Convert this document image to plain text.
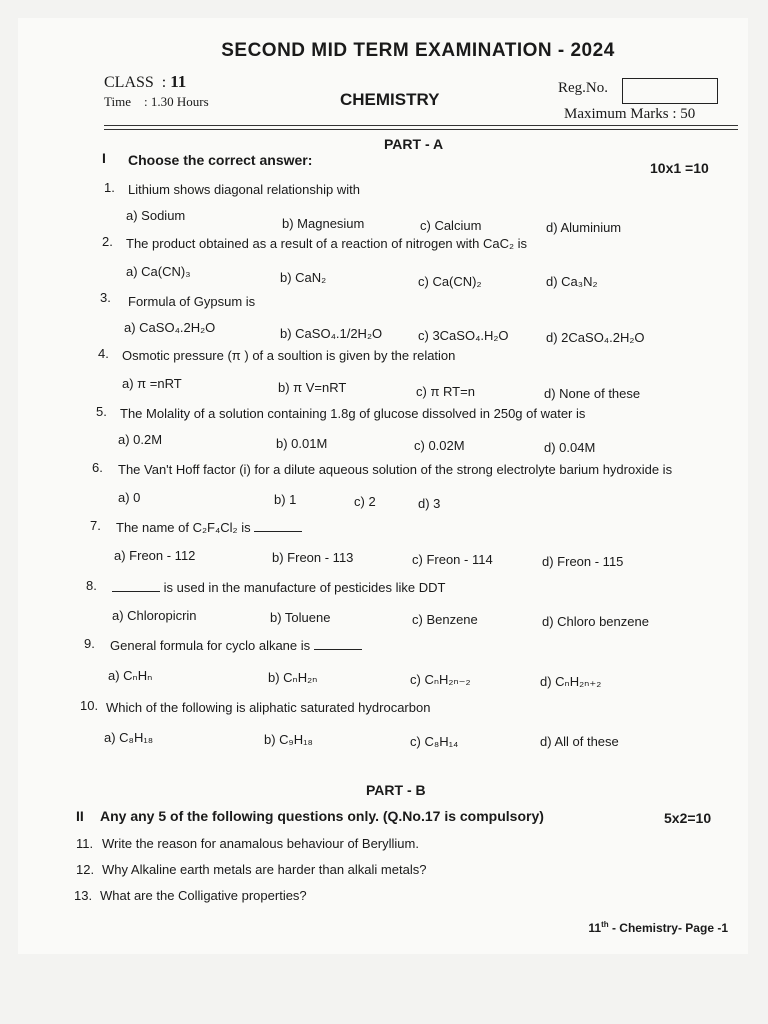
SECOND MID TERM EXAMINATION - 2024
CLASS  : 11
Time    : 1.30 Hours	CHEMISTRY
Reg.No.
Maximum Marks : 50
PART - A
I Choose the correct answer:	10x1 =10
1. Lithium shows diagonal relationship with
a) Sodium
b) Magnesium	c) Calcium	d) Aluminium
2. The product obtained as a result of a reaction of nitrogen with CaC₂ is
a) Ca(CN)₃	b) CaN₂	c) Ca(CN)₂	d) Ca₃N₂
3. Formula of Gypsum is
a) CaSO₄.2H₂O	b) CaSO₄.1/2H₂O	c) 3CaSO₄.H₂O	d) 2CaSO₄.2H₂O
4. Osmotic pressure (π ) of a soultion is given by the relation
a) π =nRT	b) π V=nRT	c) π RT=n	d) None of these
5. The Molality of a solution containing 1.8g of glucose dissolved in 250g of water is
a) 0.2M	b) 0.01M	c) 0.02M	d) 0.04M
6. The Van't Hoff factor (i) for a dilute aqueous solution of the strong electrolyte barium hydroxide is
a) 0	b) 1	c) 2	d) 3
7. The name of C₂F₄Cl₂ is
a) Freon - 112	b) Freon - 113	c) Freon - 114	d) Freon - 115
8.	is used in the manufacture of pesticides like DDT
a) Chloropicrin	b) Toluene	c) Benzene	d) Chloro benzene
9. General formula for cyclo alkane is
a) CₙHₙ	b) CₙH₂ₙ	c) CₙH₂ₙ₋₂	d) CₙH₂ₙ₊₂
10. Which of the following is aliphatic saturated hydrocarbon
a) C₈H₁₈	b) C₉H₁₈	c) C₈H₁₄	d) All of these
PART - B
II Any any 5 of the following questions only. (Q.No.17 is compulsory)	5x2=10
11. Write the reason for anamalous behaviour of Beryllium.
12. Why Alkaline earth metals are harder than alkali metals?
13. What are the Colligative properties?
11th - Chemistry- Page -1
